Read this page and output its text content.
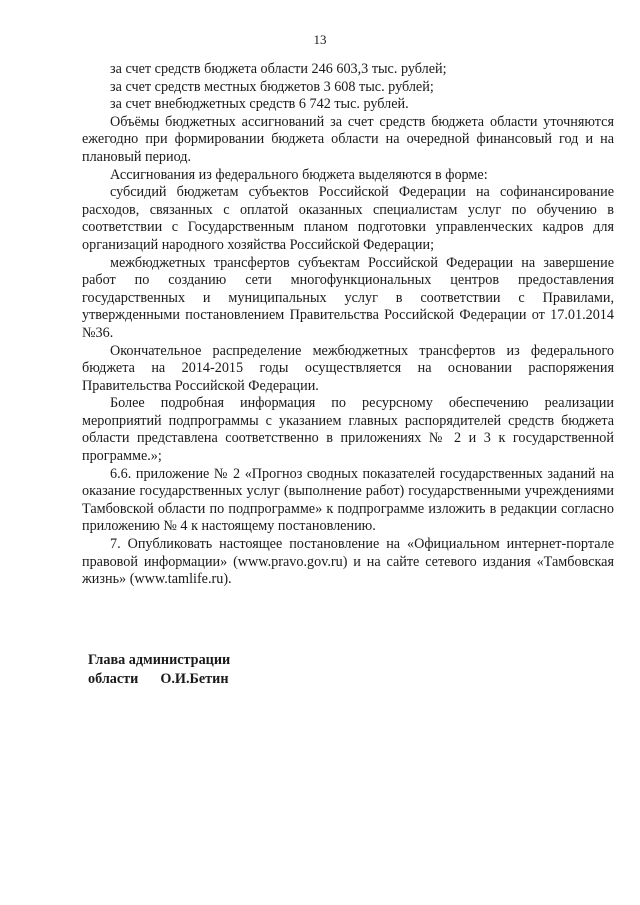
13

за счет средств бюджета области 246 603,3 тыс. рублей;

за счет средств местных бюджетов 3 608 тыс. рублей;

за счет внебюджетных средств 6 742 тыс. рублей.

Объёмы бюджетных ассигнований за счет средств бюджета области уточняются ежегодно при формировании бюджета области на очередной финансовый год и на плановый период.

Ассигнования из федерального бюджета выделяются в форме:

субсидий бюджетам субъектов Российской Федерации на софинансирование расходов, связанных с оплатой оказанных специалистам услуг по обучению в соответствии с Государственным планом подготовки управленческих кадров для организаций народного хозяйства Российской Федерации;

межбюджетных трансфертов субъектам Российской Федерации на завершение работ по созданию сети многофункциональных центров предоставления государственных и муниципальных услуг в соответствии с Правилами, утвержденными постановлением Правительства Российской Федерации от 17.01.2014 №36.

Окончательное распределение межбюджетных трансфертов из федерального бюджета на 2014-2015 годы осуществляется на основании распоряжения Правительства Российской Федерации.

Более подробная информация по ресурсному обеспечению реализации мероприятий подпрограммы с указанием главных распорядителей средств бюджета области представлена соответственно в приложениях № 2 и 3 к государственной программе.»;

6.6. приложение № 2 «Прогноз сводных показателей государственных заданий на оказание государственных услуг (выполнение работ) государственными учреждениями Тамбовской области по подпрограмме» к подпрограмме изложить в редакции согласно приложению № 4 к настоящему постановлению.

7. Опубликовать настоящее постановление на «Официальном интернет-портале правовой информации» (www.pravo.gov.ru) и на сайте сетевого издания «Тамбовская жизнь» (www.tamlife.ru).

Глава администрации
области О.И.Бетин
